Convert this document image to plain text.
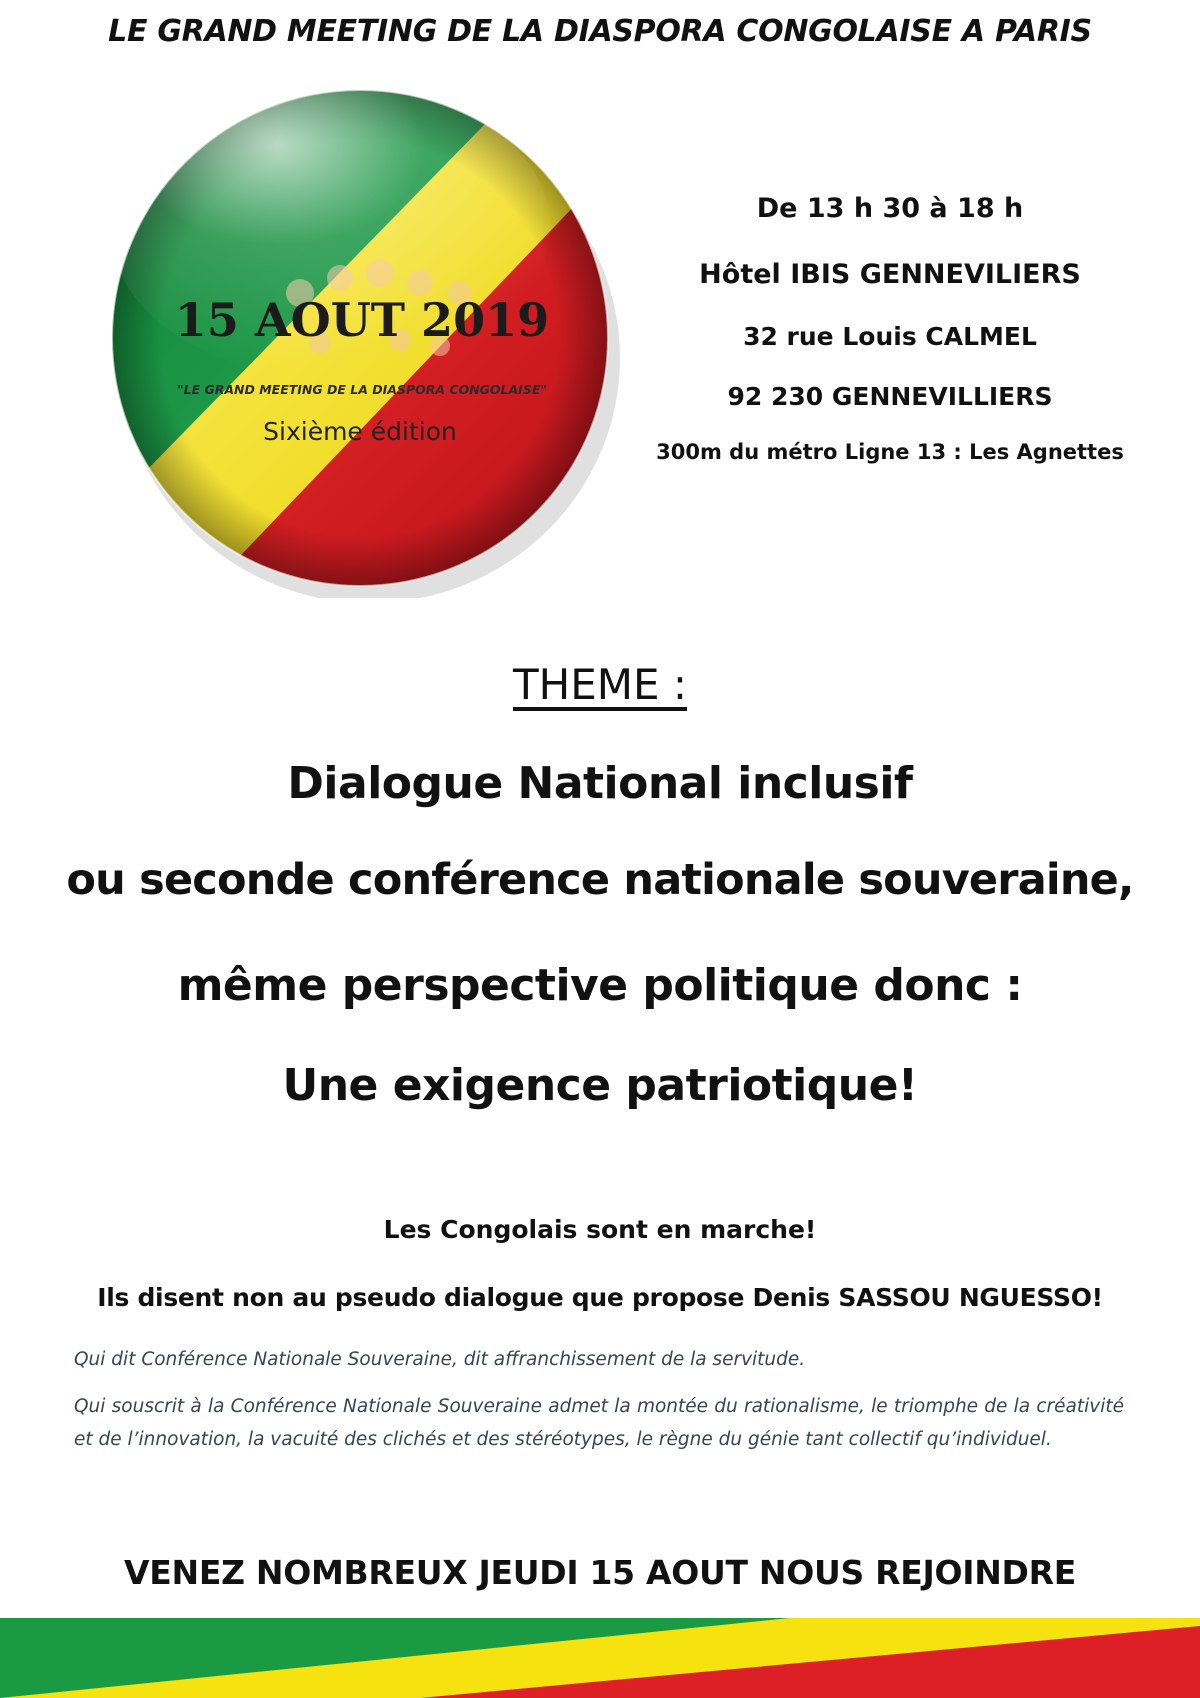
LE GRAND MEETING DE LA DIASPORA CONGOLAISE A PARIS
15 AOUT 2019
"LE GRAND MEETING DE LA DIASPORA CONGOLAISE"
Sixième édition
De 13 h 30 à 18 h
Hôtel IBIS GENNEVILIERS
32 rue Louis CALMEL
92 230 GENNEVILLIERS
300m du métro Ligne 13 : Les Agnettes
THEME :
Dialogue National inclusif
ou seconde conférence nationale souveraine,
même perspective politique donc :
Une exigence patriotique!
Les Congolais sont en marche!
Ils disent non au pseudo dialogue que propose Denis SASSOU NGUESSO!
Qui dit Conférence Nationale Souveraine, dit affranchissement de la servitude.
Qui souscrit à la Conférence Nationale Souveraine admet la montée du rationalisme, le triomphe de la créativité et de l’innovation, la vacuité des clichés et des stéréotypes, le règne du génie tant collectif qu’individuel.
VENEZ NOMBREUX JEUDI 15 AOUT NOUS REJOINDRE
